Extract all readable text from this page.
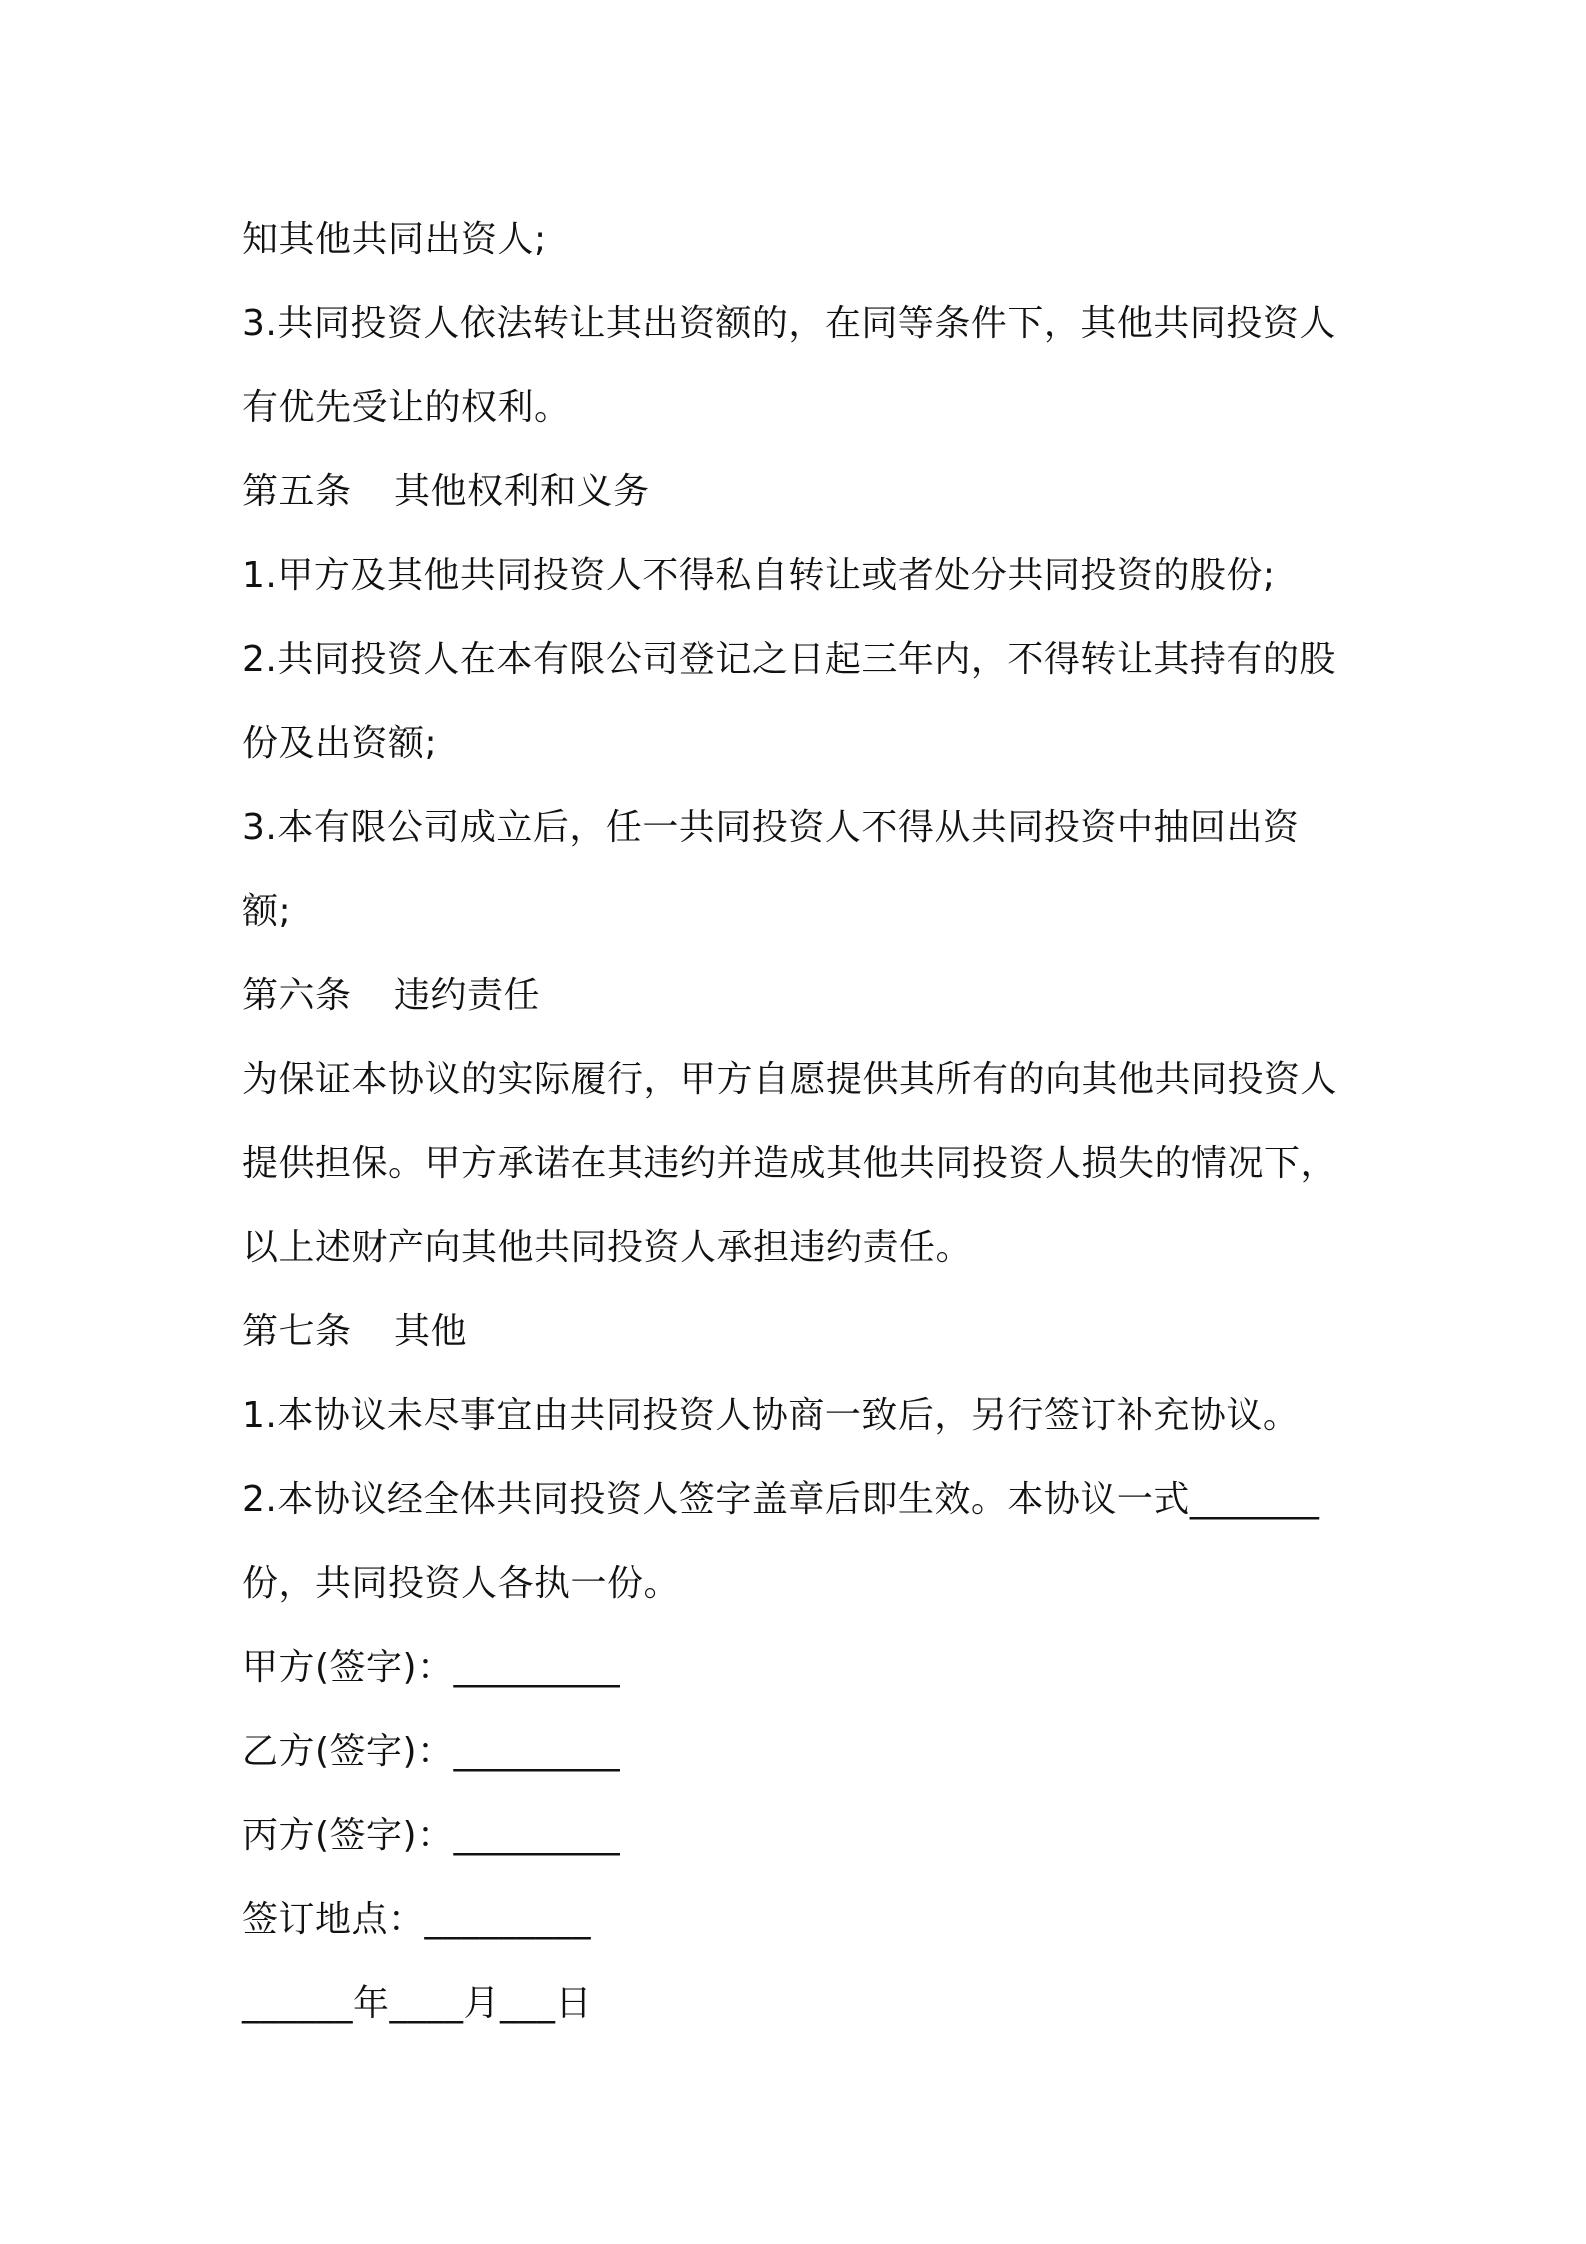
知其他共同出资人;
3.共同投资人依法转让其出资额的，在同等条件下，其他共同投资人
有优先受让的权利。
第五条 其他权利和义务
1.甲方及其他共同投资人不得私自转让或者处分共同投资的股份;
2.共同投资人在本有限公司登记之日起三年内，不得转让其持有的股
份及出资额;
3.本有限公司成立后，任一共同投资人不得从共同投资中抽回出资
额;
第六条 违约责任
为保证本协议的实际履行，甲方自愿提供其所有的向其他共同投资人
提供担保。甲方承诺在其违约并造成其他共同投资人损失的情况下，
以上述财产向其他共同投资人承担违约责任。
第七条 其他
1.本协议未尽事宜由共同投资人协商一致后，另行签订补充协议。
2.本协议经全体共同投资人签字盖章后即生效。本协议一式_______
份，共同投资人各执一份。
甲方(签字)：_________
乙方(签字)：_________
丙方(签字)：_________
签订地点：_________
______年____月___日
